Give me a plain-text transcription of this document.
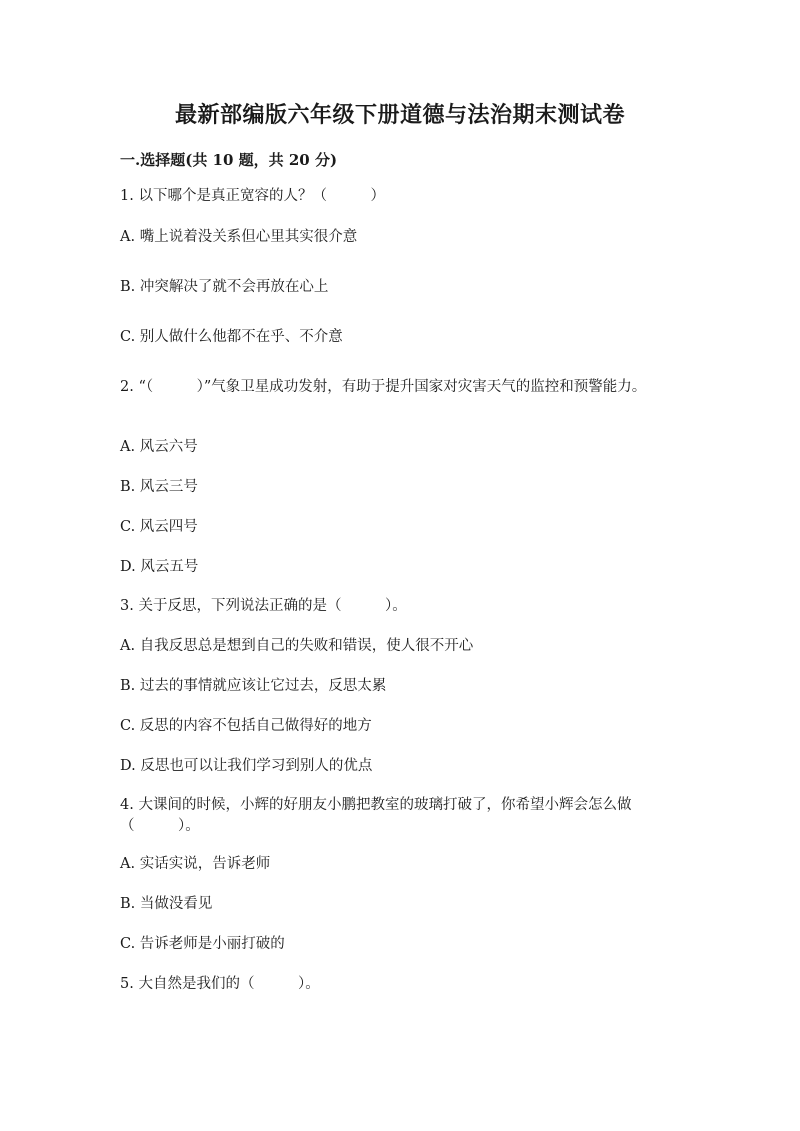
最新部编版六年级下册道德与法治期末测试卷
一.选择题(共 10 题，共 20 分)
1. 以下哪个是真正宽容的人？（　　　）
A. 嘴上说着没关系但心里其实很介意
B. 冲突解决了就不会再放在心上
C. 别人做什么他都不在乎、不介意
2. “（　　　）”气象卫星成功发射，有助于提升国家对灾害天气的监控和预警能力。
A. 风云六号
B. 风云三号
C. 风云四号
D. 风云五号
3. 关于反思，下列说法正确的是（　　　）。
A. 自我反思总是想到自己的失败和错误，使人很不开心
B. 过去的事情就应该让它过去，反思太累
C. 反思的内容不包括自己做得好的地方
D. 反思也可以让我们学习到别人的优点
4. 大课间的时候，小辉的好朋友小鹏把教室的玻璃打破了，你希望小辉会怎么做（　　　）。
A. 实话实说，告诉老师
B. 当做没看见
C. 告诉老师是小丽打破的
5. 大自然是我们的（　　　）。
